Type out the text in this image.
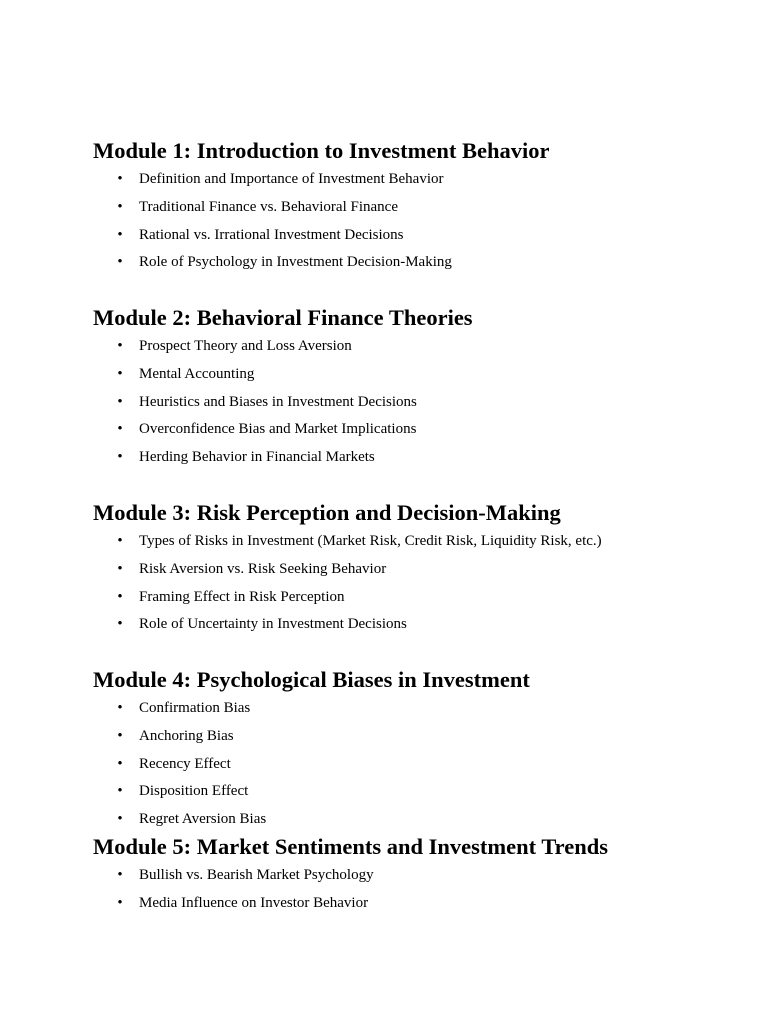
Module 1: Introduction to Investment Behavior
• Definition and Importance of Investment Behavior
• Traditional Finance vs. Behavioral Finance
• Rational vs. Irrational Investment Decisions
• Role of Psychology in Investment Decision-Making
Module 2: Behavioral Finance Theories
• Prospect Theory and Loss Aversion
• Mental Accounting
• Heuristics and Biases in Investment Decisions
• Overconfidence Bias and Market Implications
• Herding Behavior in Financial Markets
Module 3: Risk Perception and Decision-Making
• Types of Risks in Investment (Market Risk, Credit Risk, Liquidity Risk, etc.)
• Risk Aversion vs. Risk Seeking Behavior
• Framing Effect in Risk Perception
• Role of Uncertainty in Investment Decisions
Module 4: Psychological Biases in Investment
• Confirmation Bias
• Anchoring Bias
• Recency Effect
• Disposition Effect
• Regret Aversion Bias
Module 5: Market Sentiments and Investment Trends
• Bullish vs. Bearish Market Psychology
• Media Influence on Investor Behavior
